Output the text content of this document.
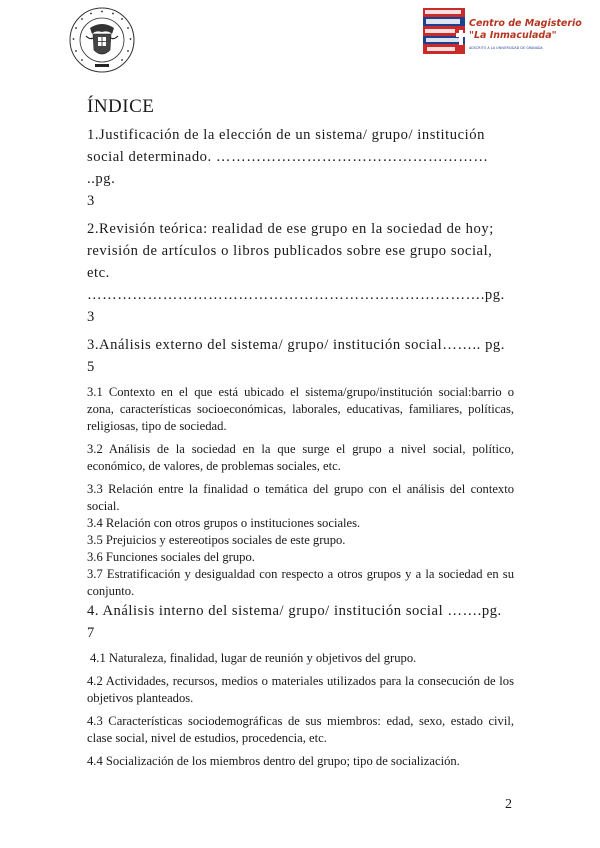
Centro de Magisterio
"La Inmaculada"
ADSCRITO A LA UNIVERSIDAD DE GRANADA
ÍNDICE
1.Justificación de la elección de un sistema/ grupo/ institución
social determinado. ……………………………………………… ..pg.
3
2.Revisión teórica: realidad de ese grupo en la sociedad de hoy;
revisión de artículos o libros publicados sobre ese grupo social,
etc.
…………………………………………………………………….pg.
3
3.Análisis externo del sistema/ grupo/ institución social…….. pg.
5

3.1 Contexto en el que está ubicado el sistema/grupo/institución social:barrio o zona, características socioeconómicas, laborales, educativas, familiares, políticas, religiosas, tipo de sociedad.

3.2 Análisis de la sociedad en la que surge el grupo a nivel social, político, económico, de valores, de problemas sociales, etc.

3.3 Relación entre la finalidad o temática del grupo con el análisis del contexto social.

3.4 Relación con otros grupos o instituciones sociales.

3.5 Prejuicios y estereotipos sociales de este grupo.

3.6 Funciones sociales del grupo.

3.7 Estratificación y desigualdad con respecto a otros grupos y a la sociedad en su conjunto.

4. Análisis interno del sistema/ grupo/ institución social …….pg.
7

4.1 Naturaleza, finalidad, lugar de reunión y objetivos del grupo.

4.2 Actividades, recursos, medios o materiales utilizados para la consecución de los objetivos planteados.

4.3 Características sociodemográficas de sus miembros: edad, sexo, estado civil, clase social, nivel de estudios, procedencia, etc.

4.4 Socialización de los miembros dentro del grupo; tipo de socialización.

2
